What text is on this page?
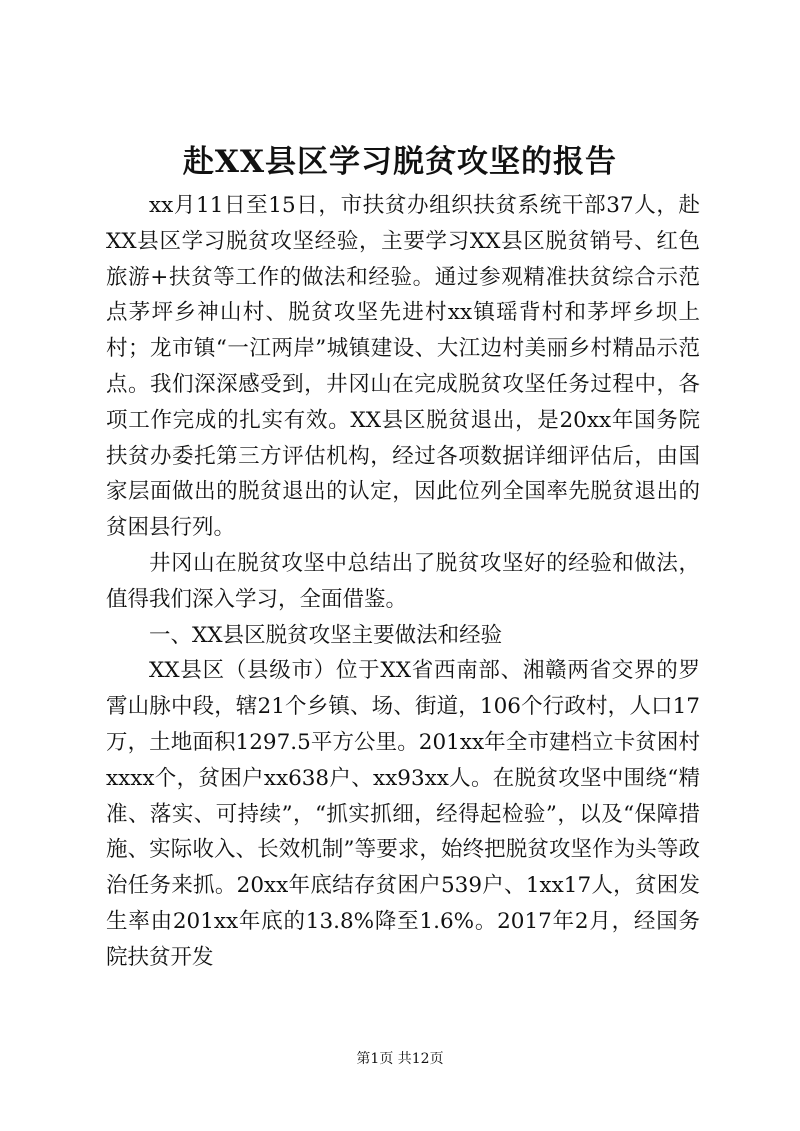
赴XX县区学习脱贫攻坚的报告

xx月11日至15日，市扶贫办组织扶贫系统干部37人，赴XX县区学习脱贫攻坚经验，主要学习XX县区脱贫销号、红色旅游+扶贫等工作的做法和经验。通过参观精准扶贫综合示范点茅坪乡神山村、脱贫攻坚先进村xx镇瑶背村和茅坪乡坝上村；龙市镇“一江两岸”城镇建设、大江边村美丽乡村精品示范点。我们深深感受到，井冈山在完成脱贫攻坚任务过程中，各项工作完成的扎实有效。XX县区脱贫退出，是20xx年国务院扶贫办委托第三方评估机构，经过各项数据详细评估后，由国家层面做出的脱贫退出的认定，因此位列全国率先脱贫退出的贫困县行列。

井冈山在脱贫攻坚中总结出了脱贫攻坚好的经验和做法，值得我们深入学习，全面借鉴。

一、XX县区脱贫攻坚主要做法和经验

XX县区（县级市）位于XX省西南部、湘赣两省交界的罗霄山脉中段，辖21个乡镇、场、街道，106个行政村，人口17万，土地面积1297.5平方公里。201xx年全市建档立卡贫困村xxxx个，贫困户xx638户、xx93xx人。在脱贫攻坚中围绕“精准、落实、可持续”，“抓实抓细，经得起检验”，以及“保障措施、实际收入、长效机制”等要求，始终把脱贫攻坚作为头等政治任务来抓。20xx年底结存贫困户539户、1xx17人，贫困发生率由201xx年底的13.8%降至1.6%。2017年2月，经国务院扶贫开发

第1页 共12页
